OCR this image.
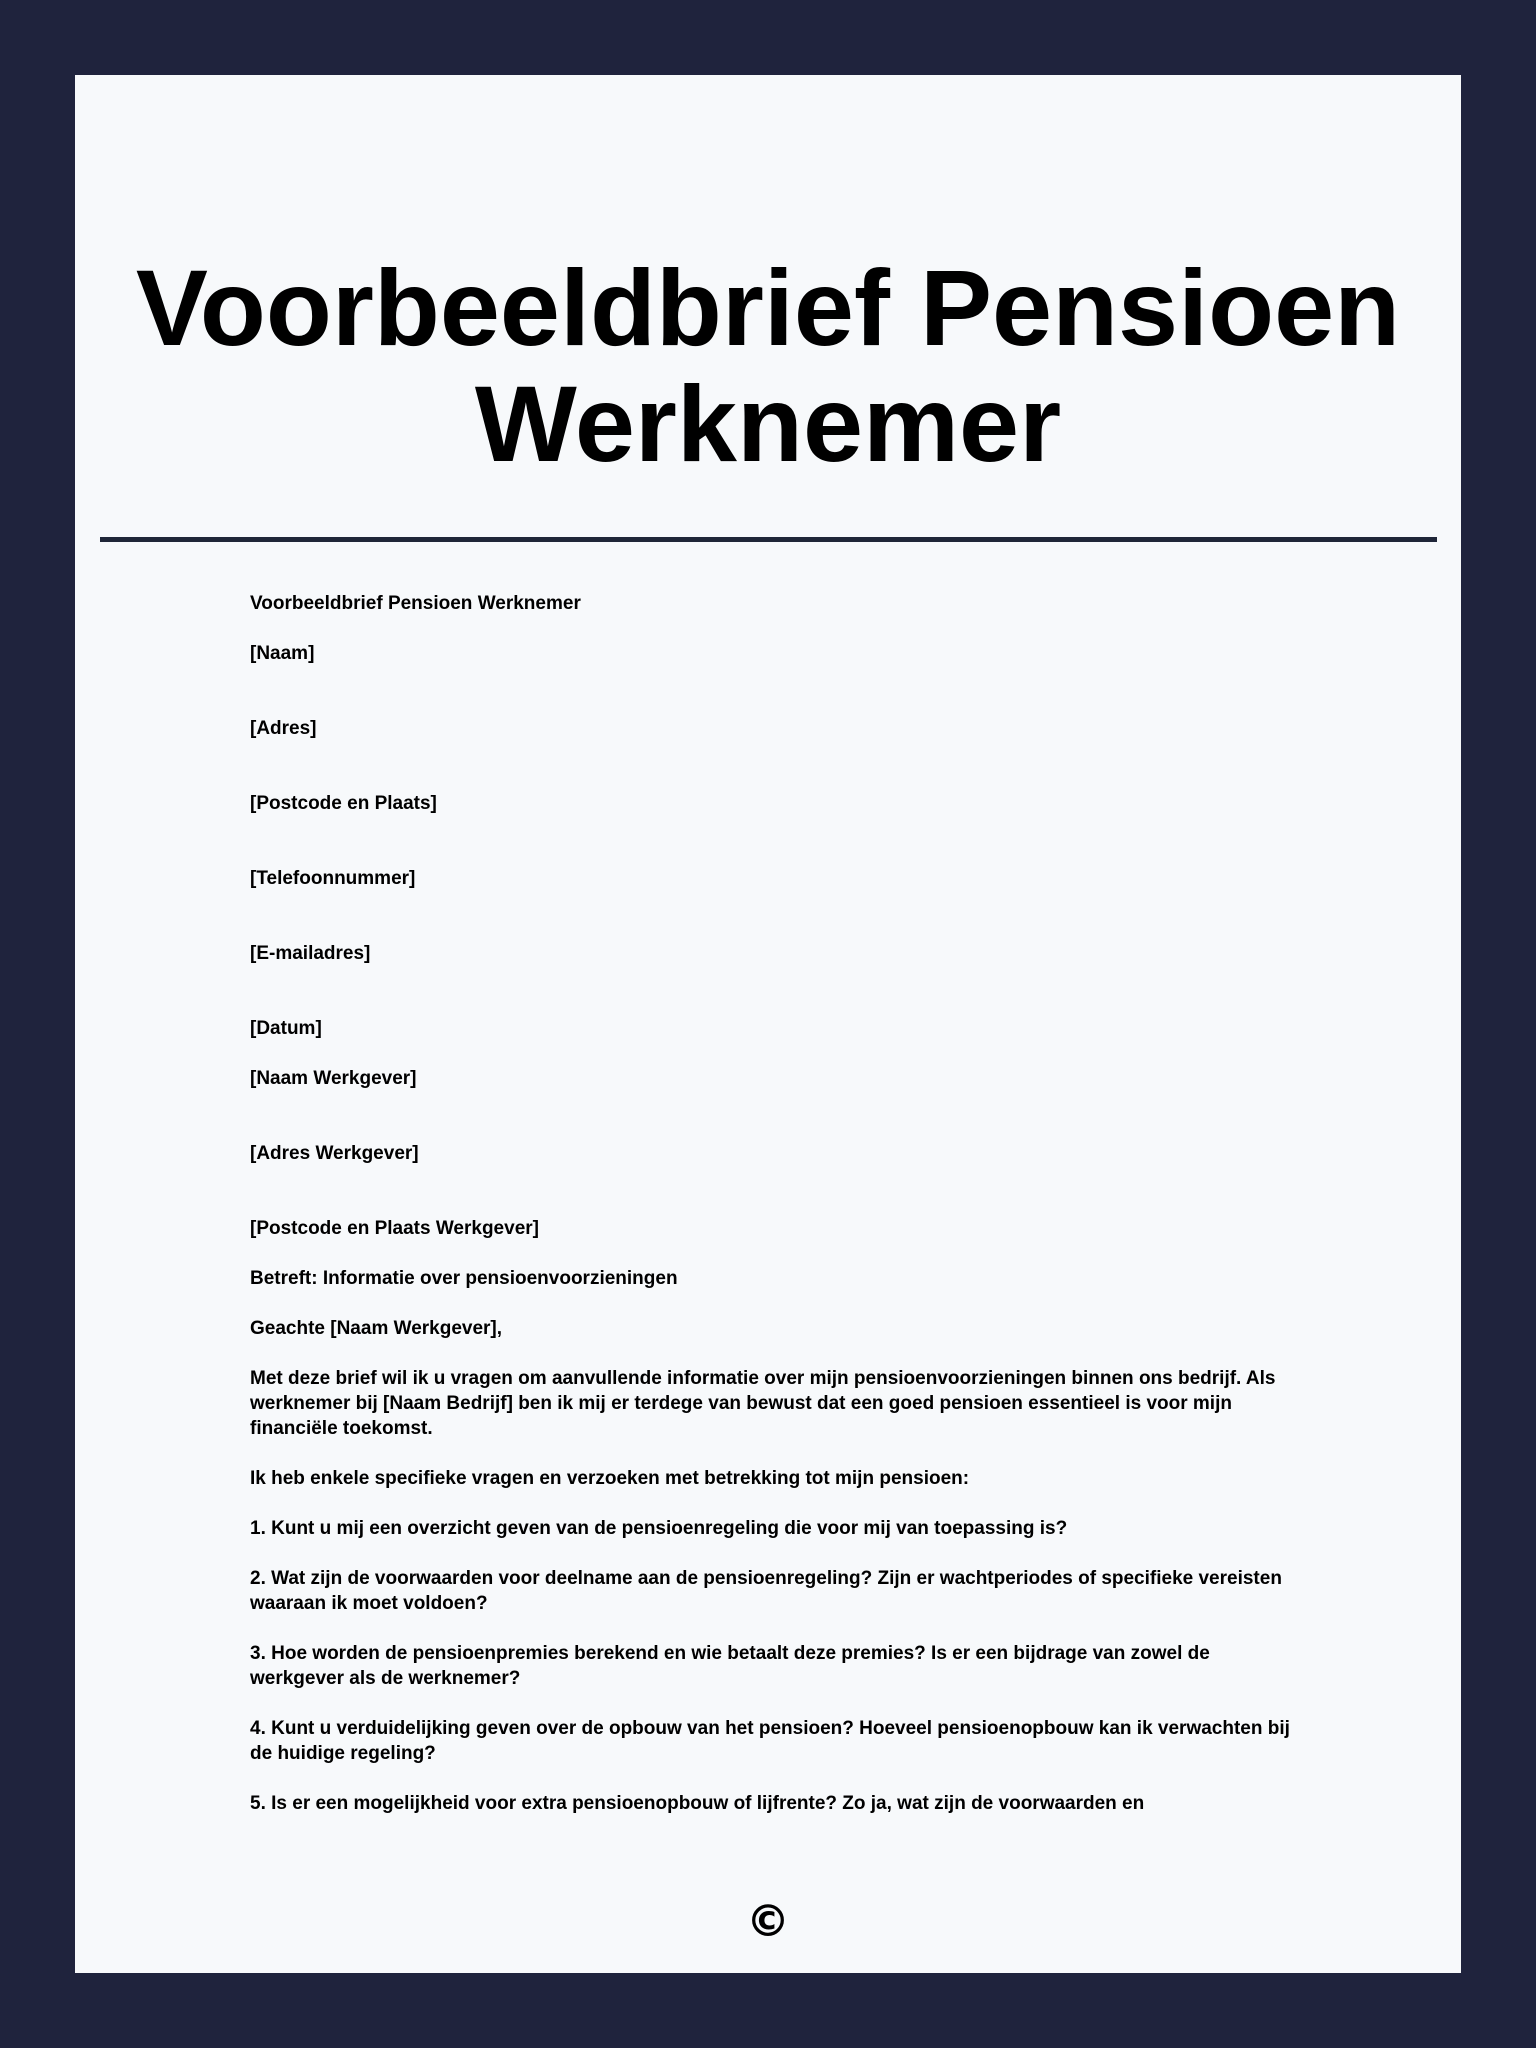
Voorbeeldbrief Pensioen
Werknemer

Voorbeeldbrief Pensioen Werknemer

[Naam]

[Adres]

[Postcode en Plaats]

[Telefoonnummer]

[E-mailadres]

[Datum]

[Naam Werkgever]

[Adres Werkgever]

[Postcode en Plaats Werkgever]

Betreft: Informatie over pensioenvoorzieningen

Geachte [Naam Werkgever],

Met deze brief wil ik u vragen om aanvullende informatie over mijn pensioenvoorzieningen binnen ons bedrijf. Als werknemer bij [Naam Bedrijf] ben ik mij er terdege van bewust dat een goed pensioen essentieel is voor mijn financiële toekomst.

Ik heb enkele specifieke vragen en verzoeken met betrekking tot mijn pensioen:

1. Kunt u mij een overzicht geven van de pensioenregeling die voor mij van toepassing is?

2. Wat zijn de voorwaarden voor deelname aan de pensioenregeling? Zijn er wachtperiodes of specifieke vereisten waaraan ik moet voldoen?

3. Hoe worden de pensioenpremies berekend en wie betaalt deze premies? Is er een bijdrage van zowel de werkgever als de werknemer?

4. Kunt u verduidelijking geven over de opbouw van het pensioen? Hoeveel pensioenopbouw kan ik verwachten bij de huidige regeling?

5. Is er een mogelijkheid voor extra pensioenopbouw of lijfrente? Zo ja, wat zijn de voorwaarden en

©
